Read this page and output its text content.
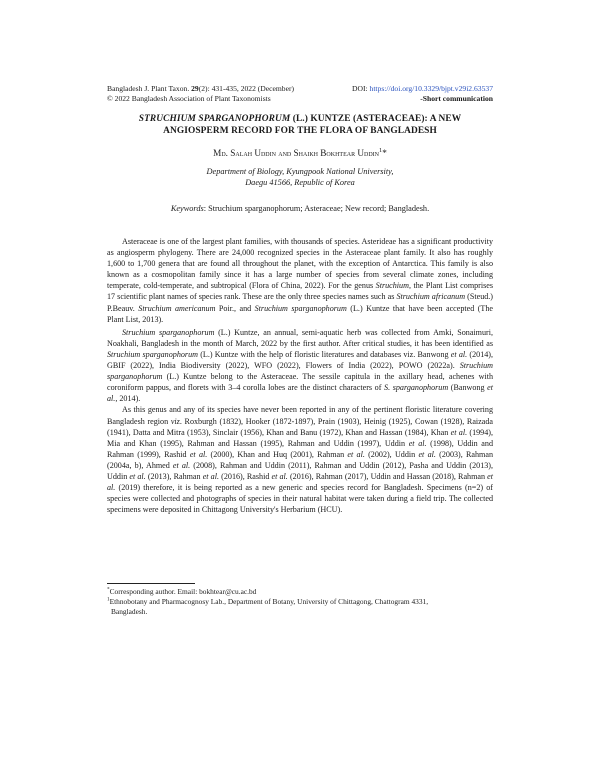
Bangladesh J. Plant Taxon. 29(2): 431-435, 2022 (December)	DOI: https://doi.org/10.3329/bjpt.v29i2.63537
© 2022 Bangladesh Association of Plant Taxonomists	-Short communication
STRUCHIUM SPARGANOPHORUM (L.) KUNTZE (ASTERACEAE): A NEW
ANGIOSPERM RECORD FOR THE FLORA OF BANGLADESH
Md. Salah Uddin and Shaikh Bokhtear Uddin$^1$*
Department of Biology, Kyungpook National University,
Daegu 41566, Republic of Korea
Keywords: Struchium sparganophorum; Asteraceae; New record; Bangladesh.

Asteraceae is one of the largest plant families, with thousands of species. Asterideae has a significant productivity as angiosperm phylogeny. There are 24,000 recognized species in the Asteraceae plant family. It also has roughly 1,600 to 1,700 genera that are found all throughout the planet, with the exception of Antarctica. This family is also known as a cosmopolitan family since it has a large number of species from several climate zones, including temperate, cold-temperate, and subtropical (Flora of China, 2022). For the genus Struchium, the Plant List comprises 17 scientific plant names of species rank. These are the only three species names such as Struchium africanum (Steud.) P.Beauv. Struchium americanum Poir., and Struchium sparganophorum (L.) Kuntze that have been accepted (The Plant List, 2013).

Struchium sparganophorum (L.) Kuntze, an annual, semi-aquatic herb was collected from Amki, Sonaimuri, Noakhali, Bangladesh in the month of March, 2022 by the first author. After critical studies, it has been identified as Struchium sparganophorum (L.) Kuntze with the help of floristic literatures and databases viz. Banwong et al. (2014), GBIF (2022), India Biodiversity (2022), WFO (2022), Flowers of India (2022), POWO (2022a). Struchium sparganophorum (L.) Kuntze belong to the Asteraceae. The sessile capitula in the axillary head, achenes with coroniform pappus, and florets with 3–4 corolla lobes are the distinct characters of S. sparganophorum (Banwong et al., 2014).

As this genus and any of its species have never been reported in any of the pertinent floristic literature covering Bangladesh region viz. Roxburgh (1832), Hooker (1872-1897), Prain (1903), Heinig (1925), Cowan (1928), Raizada (1941), Datta and Mitra (1953), Sinclair (1956), Khan and Banu (1972), Khan and Hassan (1984), Khan et al. (1994), Mia and Khan (1995), Rahman and Hassan (1995), Rahman and Uddin (1997), Uddin et al. (1998), Uddin and Rahman (1999), Rashid et al. (2000), Khan and Huq (2001), Rahman et al. (2002), Uddin et al. (2003), Rahman (2004a, b), Ahmed et al. (2008), Rahman and Uddin (2011), Rahman and Uddin (2012), Pasha and Uddin (2013), Uddin et al. (2013), Rahman et al. (2016), Rashid et al. (2016), Rahman (2017), Uddin and Hassan (2018), Rahman et al. (2019) therefore, it is being reported as a new generic and species record for Bangladesh. Specimens (n=2) of species were collected and photographs of species in their natural habitat were taken during a field trip. The collected specimens were deposited in Chittagong University's Herbarium (HCU).

*Corresponding author. Email: bokhtear@cu.ac.bd
$^1$Ethnobotany and Pharmacognosy Lab., Department of Botany, University of Chittagong, Chattogram 4331,
Bangladesh.
